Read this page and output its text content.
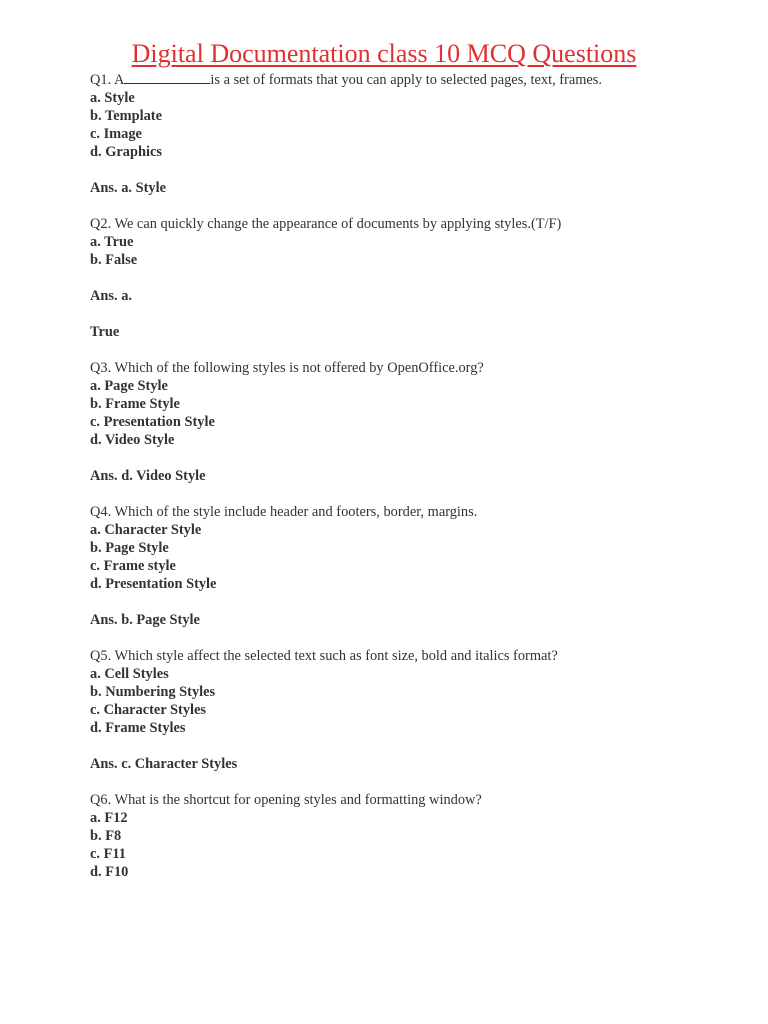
Digital Documentation class 10 MCQ Questions
Q1. A	is a set of formats that you can apply to selected pages, text, frames.
a. Style
b. Template
c. Image
d. Graphics
Ans. a. Style
Q2. We can quickly change the appearance of documents by applying styles.(T/F)
a. True
b. False
Ans. a.
True
Q3. Which of the following styles is not offered by OpenOffice.org?
a. Page Style
b. Frame Style
c. Presentation Style
d. Video Style
Ans. d. Video Style
Q4. Which of the style include header and footers, border, margins.
a. Character Style
b. Page Style
c. Frame style
d. Presentation Style
Ans. b. Page Style
Q5. Which style affect the selected text such as font size, bold and italics format?
a. Cell Styles
b. Numbering Styles
c. Character Styles
d. Frame Styles
Ans. c. Character Styles
Q6. What is the shortcut for opening styles and formatting window?
a. F12
b. F8
c. F11
d. F10
